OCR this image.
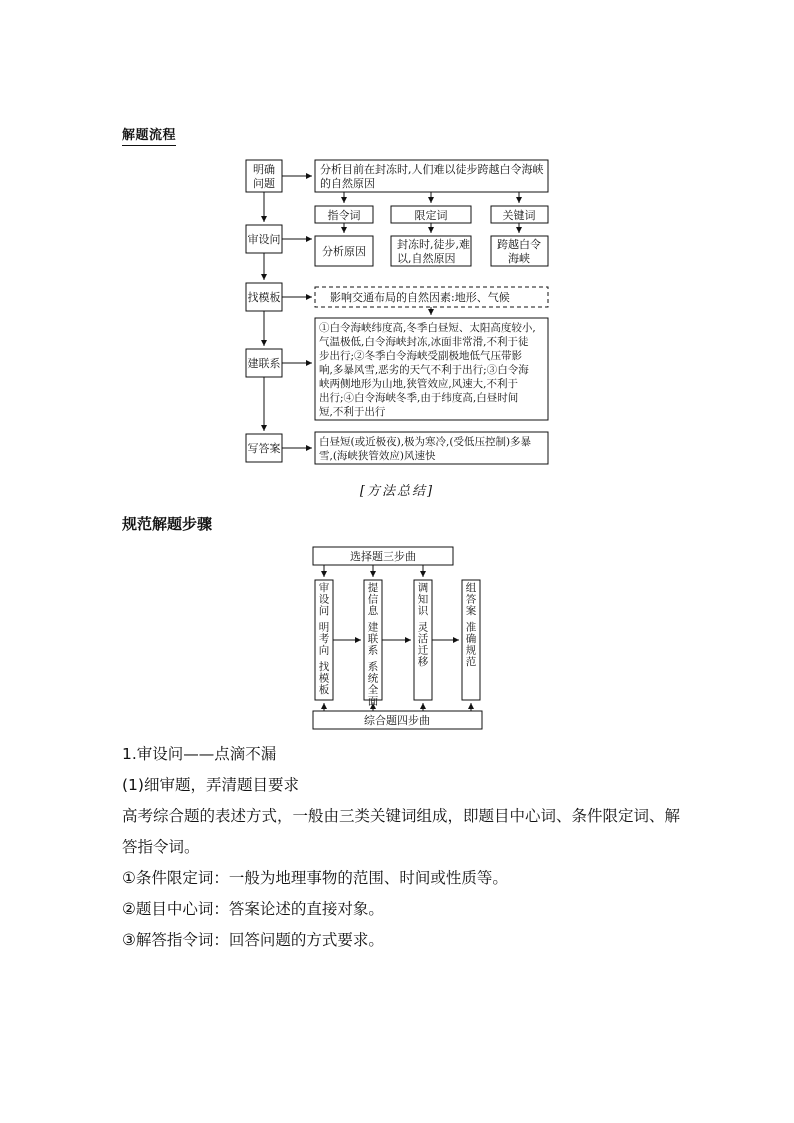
解题流程
明确
问题
审设问
找模板
建联系
写答案
分析目前在封冻时,人们难以徒步跨越白令海峡
的自然原因
指令词	限定词	关键词
分析原因
封冻时,徒步,难
以,自然原因
跨越白令
海峡
影响交通布局的自然因素:地形、气候
①白令海峡纬度高,冬季白昼短、太阳高度较小,
气温极低,白令海峡封冻,冰面非常滑,不利于徒
步出行;②冬季白令海峡受副极地低气压带影
响,多暴风雪,恶劣的天气不利于出行;③白令海
峡两侧地形为山地,狭管效应,风速大,不利于
出行;④白令海峡冬季,由于纬度高,白昼时间
短,不利于出行
白昼短(或近极夜),极为寒冷,(受低压控制)多暴
雪,(海峡狭管效应)风速快
选择题三步曲
综合题四步曲
审
设
问
明
考
向
找
模
板
提
信
息
建
联
系
系
统
全
面
调
知
识
灵
活
迁
移
组
答
案
准
确
规
范
[方法总结]
规范解题步骤

1.审设问——点滴不漏

(1)细审题，弄清题目要求

高考综合题的表述方式，一般由三类关键词组成，即题目中心词、条件限定词、解答指令词。

①条件限定词：一般为地理事物的范围、时间或性质等。

②题目中心词：答案论述的直接对象。

③解答指令词：回答问题的方式要求。
